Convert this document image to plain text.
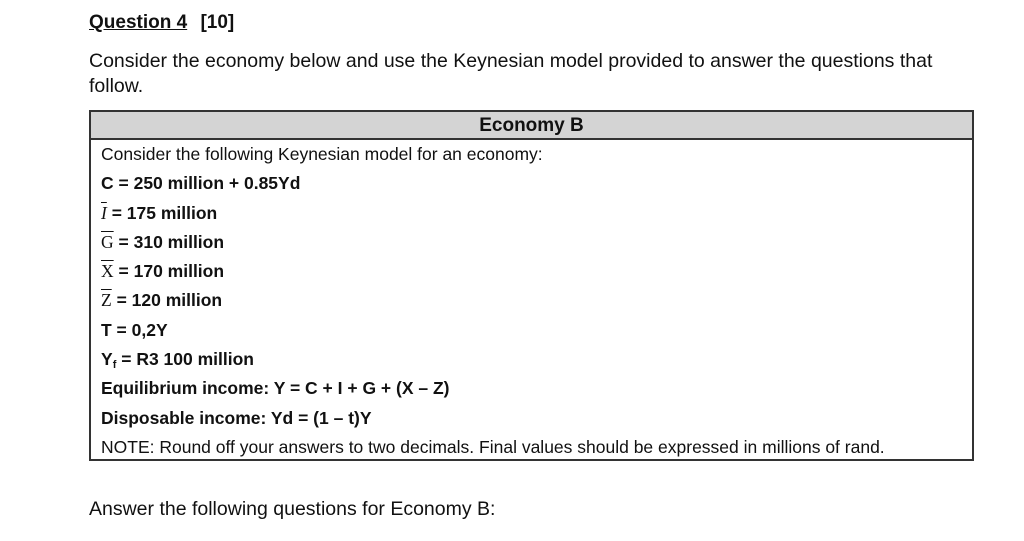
Question 4 [10]
Consider the economy below and use the Keynesian model provided to answer the questions that follow.
Economy B
Consider the following Keynesian model for an economy:
C = 250 million + 0.85Yd
$\overline{I} = 175$ million
$\overline{G} = 310$ million
$\overline{X} = 170$ million
$\overline{Z} = 120$ million
T = 0,2Y
$Y_f = R3$ 100 million
Equilibrium income: Y = C + I + G + (X – Z)
Disposable income: Yd = (1 – t)Y
NOTE: Round off your answers to two decimals. Final values should be expressed in millions of rand.
Answer the following questions for Economy B:
